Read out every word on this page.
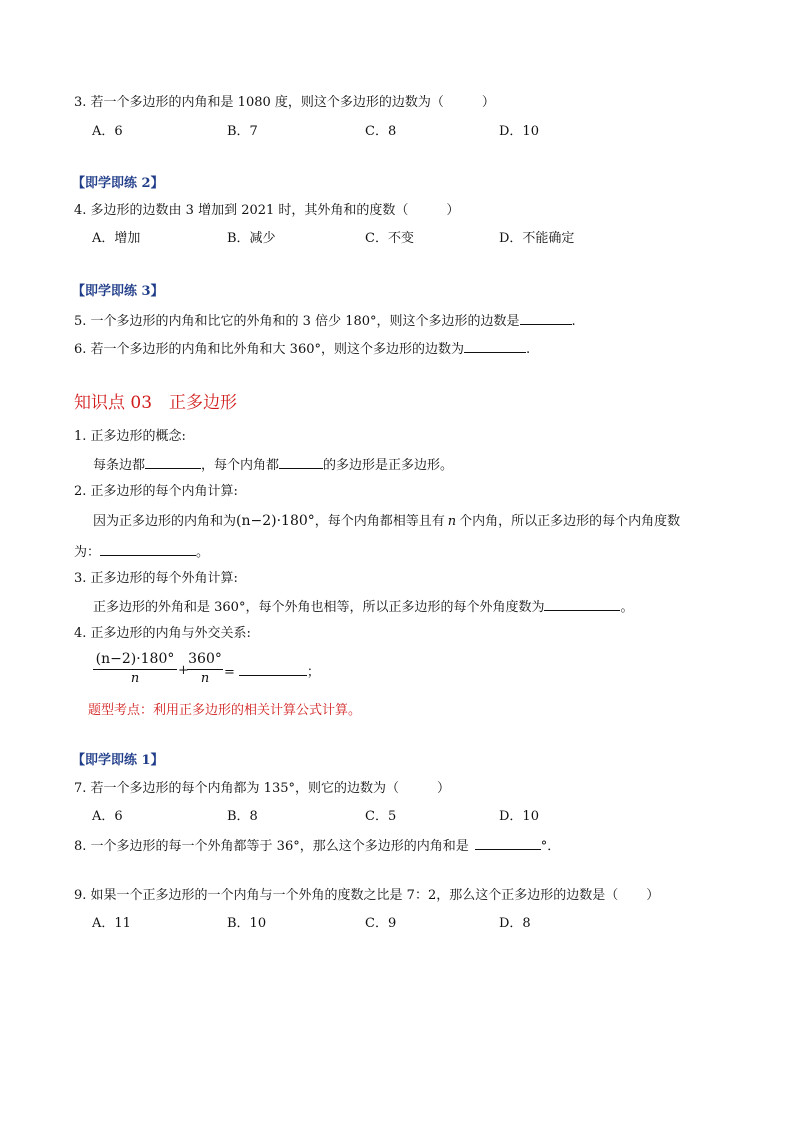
3. 若一个多边形的内角和是 1080 度，则这个多边形的边数为（	）
A．6	B．7	C．8	D．10
【即学即练 2】
4. 多边形的边数由 3 增加到 2021 时，其外角和的度数（	）
A．增加	B．减少	C．不变	D．不能确定
【即学即练 3】
5. 一个多边形的内角和比它的外角和的 3 倍少 180°，则这个多边形的边数是	.
6. 若一个多边形的内角和比外角和大 360°，则这个多边形的边数为	.
知识点 03　正多边形
1. 正多边形的概念:
每条边都	，每个内角都	的多边形是正多边形。
2. 正多边形的每个内角计算:
因为正多边形的内角和为(n−2)·180°，每个内角都相等且有 n 个内角，所以正多边形的每个内角度数
为：	。
3. 正多边形的每个外角计算:
正多边形的外角和是 360°，每个外角也相等，所以正多边形的每个外角度数为	。
4. 正多边形的内角与外交关系:
$\frac{(n-2)\cdot 180^\circ}{n}$ +
$\frac{360^\circ}{n}$ =	；
题型考点：利用正多边形的相关计算公式计算。
【即学即练 1】
7. 若一个多边形的每个内角都为 135°，则它的边数为（	）
A．6	B．8	C．5	D．10
8. 一个多边形的每一个外角都等于 36°，那么这个多边形的内角和是	°．
9. 如果一个正多边形的一个内角与一个外角的度数之比是 7：2，那么这个正多边形的边数是（ ）
A．11	B．10	C．9	D．8
